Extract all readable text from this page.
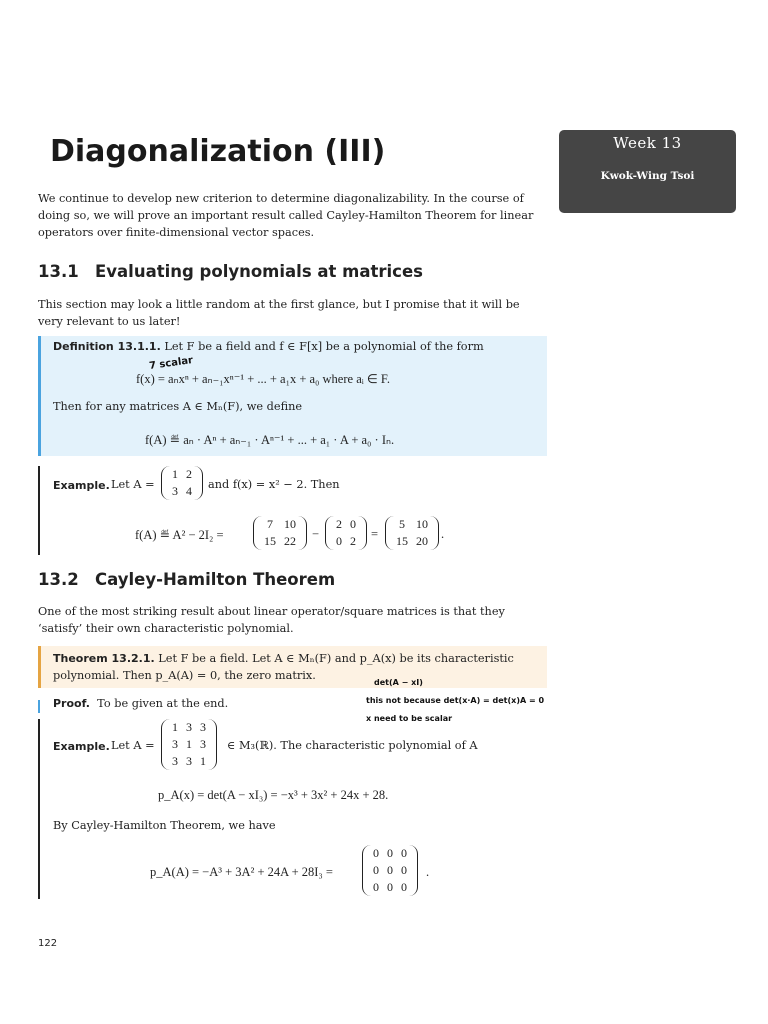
Diagonalization (III)	Week 13
Kwok-Wing Tsoi
We continue to develop new criterion to determine diagonalizability. In the course of doing so, we will prove an important result called Cayley-Hamilton Theorem for linear operators over finite-dimensional vector spaces.
13.1 Evaluating polynomials at matrices
This section may look a little random at the first glance, but I promise that it will be very relevant to us later!
Definition 13.1.1. Let F be a field and f ∈ F[x] be a polynomial of the form
7 scalar
f(x) = aₙxⁿ + aₙ₋₁xⁿ⁻¹ + ... + a₁x + a₀ where aᵢ ∈ F.
Then for any matrices A ∈ Mₙ(F), we define
f(A) ≝ aₙ · Aⁿ + aₙ₋₁ · Aⁿ⁻¹ + ... + a₁ · A + a₀ · Iₙ.
Example. Let A =
1	2
3	4 and f(x) = x² − 2. Then
f(A) ≝ A² − 2I₂ =
7	10
15	22 −
2	0
0	2 =
5	10
15	20 .
13.2 Cayley-Hamilton Theorem
One of the most striking result about linear operator/square matrices is that they ‘satisfy’ their own characteristic polynomial.
Theorem 13.2.1. Let F be a field. Let A ∈ Mₙ(F) and p_A(x) be its characteristic polynomial. Then p_A(A) = 0, the zero matrix.
Proof. To be given at the end.
det(A − xI)
this not because det(x·A) = det(x)A = 0
x need to be scalar
Example. Let A =
1	3	3
3	1	3
3	3	1
∈ M₃(ℝ). The characteristic polynomial of A
p_A(x) = det(A − xI₃) = −x³ + 3x² + 24x + 28.
By Cayley-Hamilton Theorem, we have
p_A(A) = −A³ + 3A² + 24A + 28I₃ =
0	0	0
0	0	0
0	0	0
.
122
